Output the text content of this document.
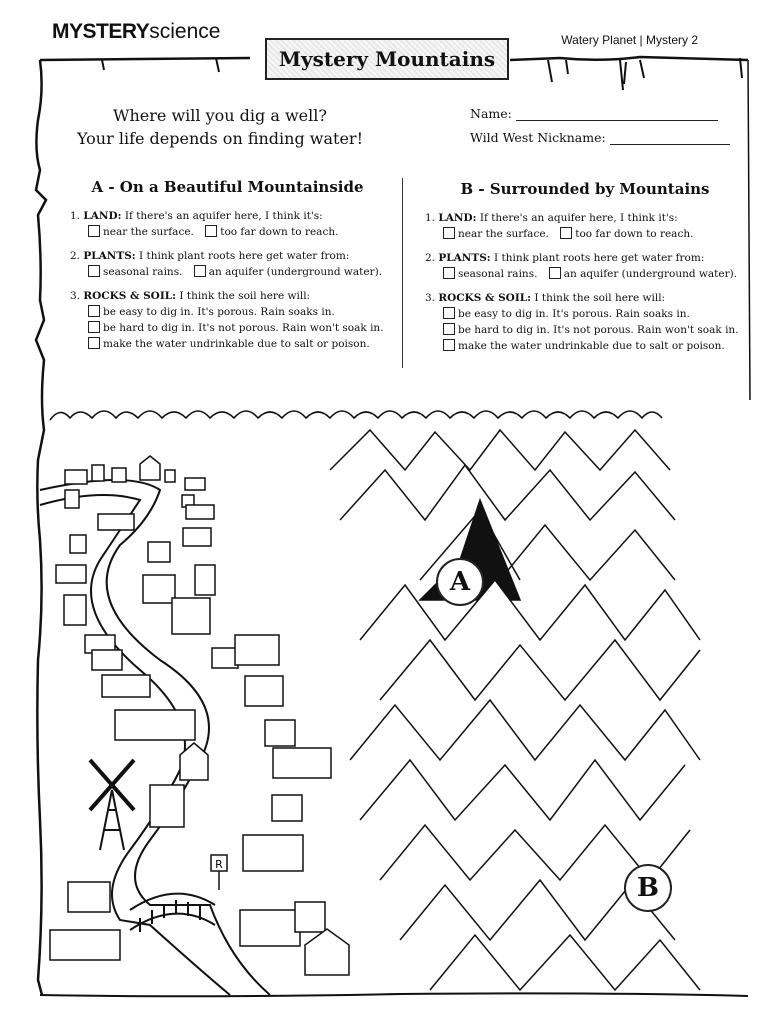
MYSTERYscience	Watery Planet | Mystery 2
Mystery Mountains
Where will you dig a well?
Your life depends on finding water!
Name:
Wild West Nickname:
A - On a Beautiful Mountainside
1. LAND: If there's an aquifer here, I think it's:
near the surface.	too far down to reach.
2. PLANTS: I think plant roots here get water from:
seasonal rains.	an aquifer (underground water).
3. ROCKS & SOIL: I think the soil here will:
be easy to dig in. It's porous. Rain soaks in.
be hard to dig in. It's not porous. Rain won't soak in.
make the water undrinkable due to salt or poison.
B - Surrounded by Mountains
1. LAND: If there's an aquifer here, I think it's:
near the surface.	too far down to reach.
2. PLANTS: I think plant roots here get water from:
seasonal rains.	an aquifer (underground water).
3. ROCKS & SOIL: I think the soil here will:
be easy to dig in. It's porous. Rain soaks in.
be hard to dig in. It's not porous. Rain won't soak in.
make the water undrinkable due to salt or poison.
R
A
B
